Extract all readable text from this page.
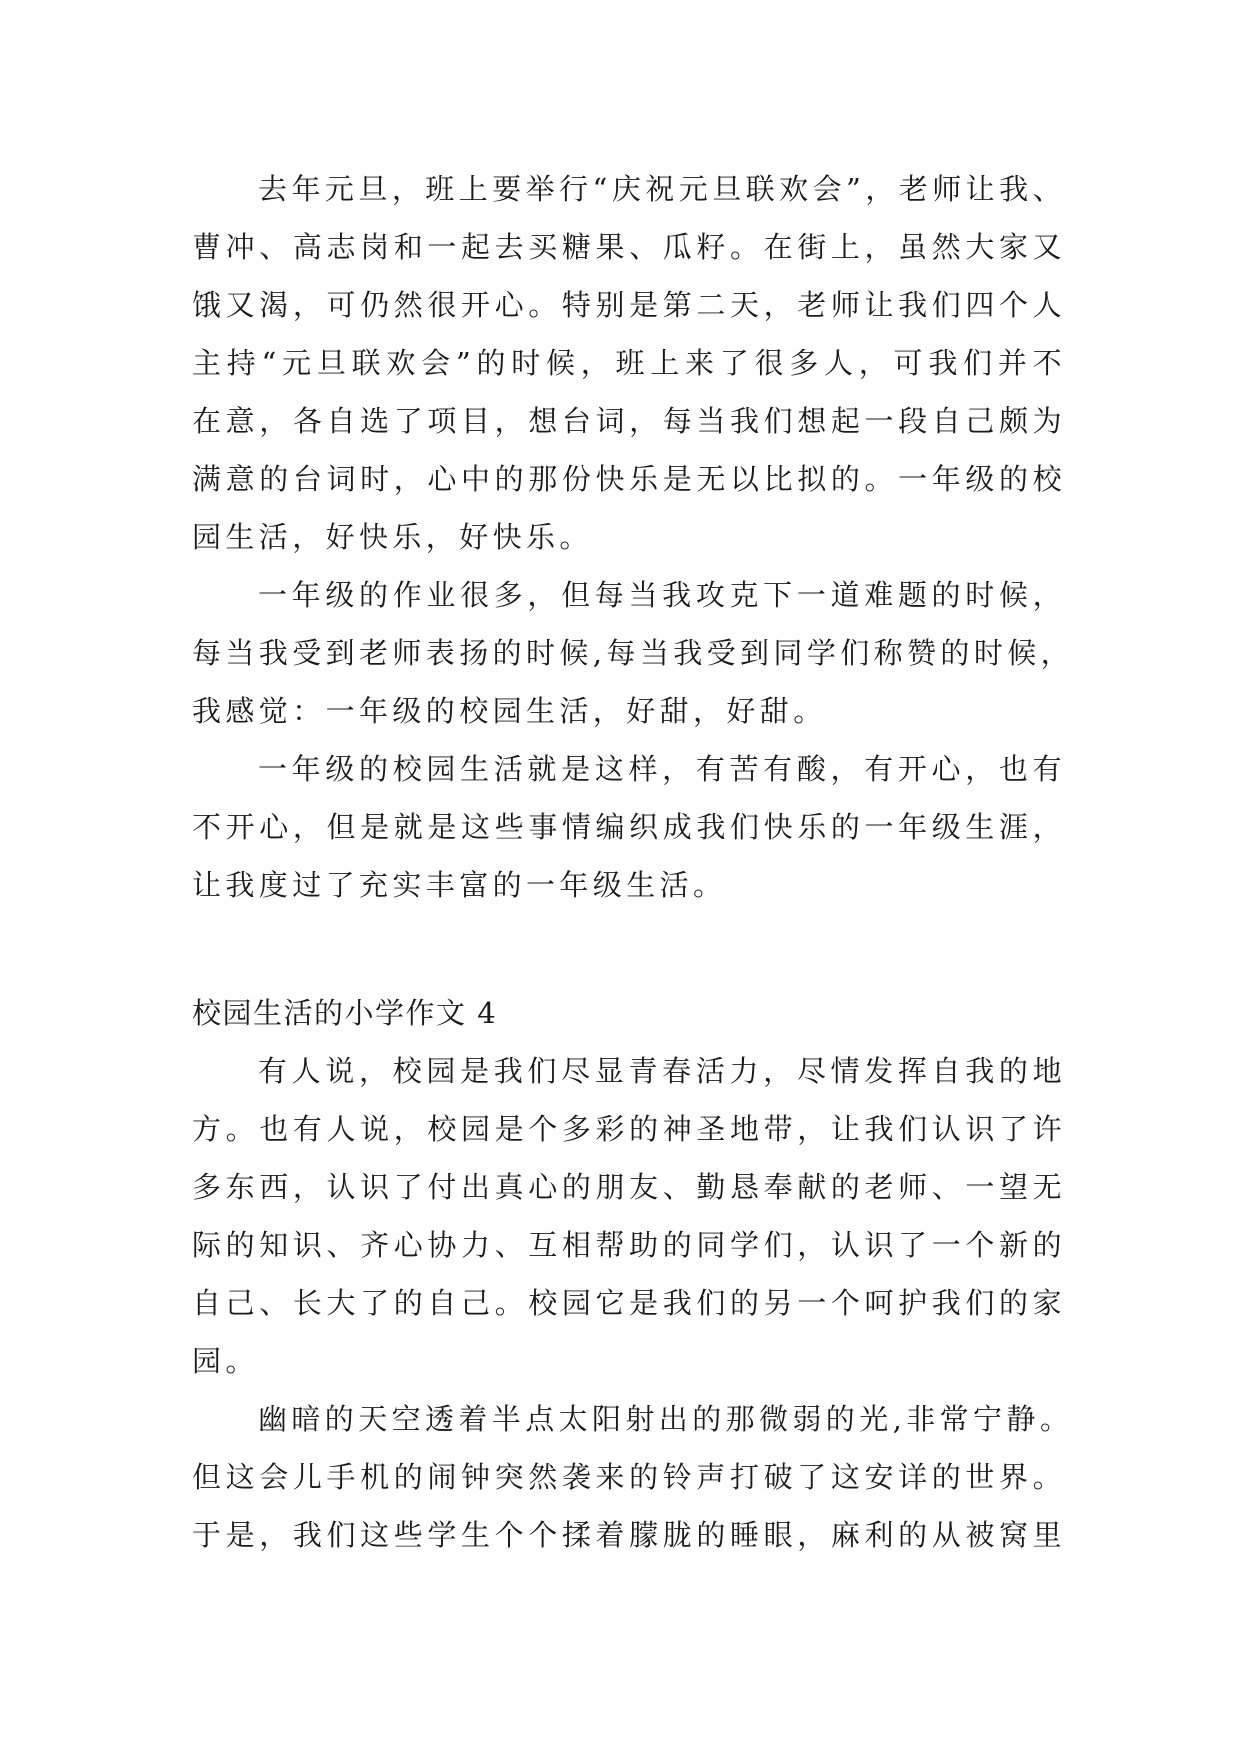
去年元旦，班上要举行“庆祝元旦联欢会”，老师让我、
曹冲、高志岗和一起去买糖果、瓜籽。在街上，虽然大家又
饿又渴，可仍然很开心。特别是第二天，老师让我们四个人
主持“元旦联欢会”的时候，班上来了很多人，可我们并不
在意，各自选了项目，想台词，每当我们想起一段自己颇为
满意的台词时，心中的那份快乐是无以比拟的。一年级的校
园生活，好快乐，好快乐。
一年级的作业很多，但每当我攻克下一道难题的时候，
每当我受到老师表扬的时候,每当我受到同学们称赞的时候，
我感觉：一年级的校园生活，好甜，好甜。
一年级的校园生活就是这样，有苦有酸，有开心，也有
不开心，但是就是这些事情编织成我们快乐的一年级生涯，
让我度过了充实丰富的一年级生活。
校园生活的小学作文 4
有人说，校园是我们尽显青春活力，尽情发挥自我的地
方。也有人说，校园是个多彩的神圣地带，让我们认识了许
多东西，认识了付出真心的朋友、勤恳奉献的老师、一望无
际的知识、齐心协力、互相帮助的同学们，认识了一个新的
自己、长大了的自己。校园它是我们的另一个呵护我们的家
园。
幽暗的天空透着半点太阳射出的那微弱的光,非常宁静。
但这会儿手机的闹钟突然袭来的铃声打破了这安详的世界。
于是，我们这些学生个个揉着朦胧的睡眼，麻利的从被窝里
